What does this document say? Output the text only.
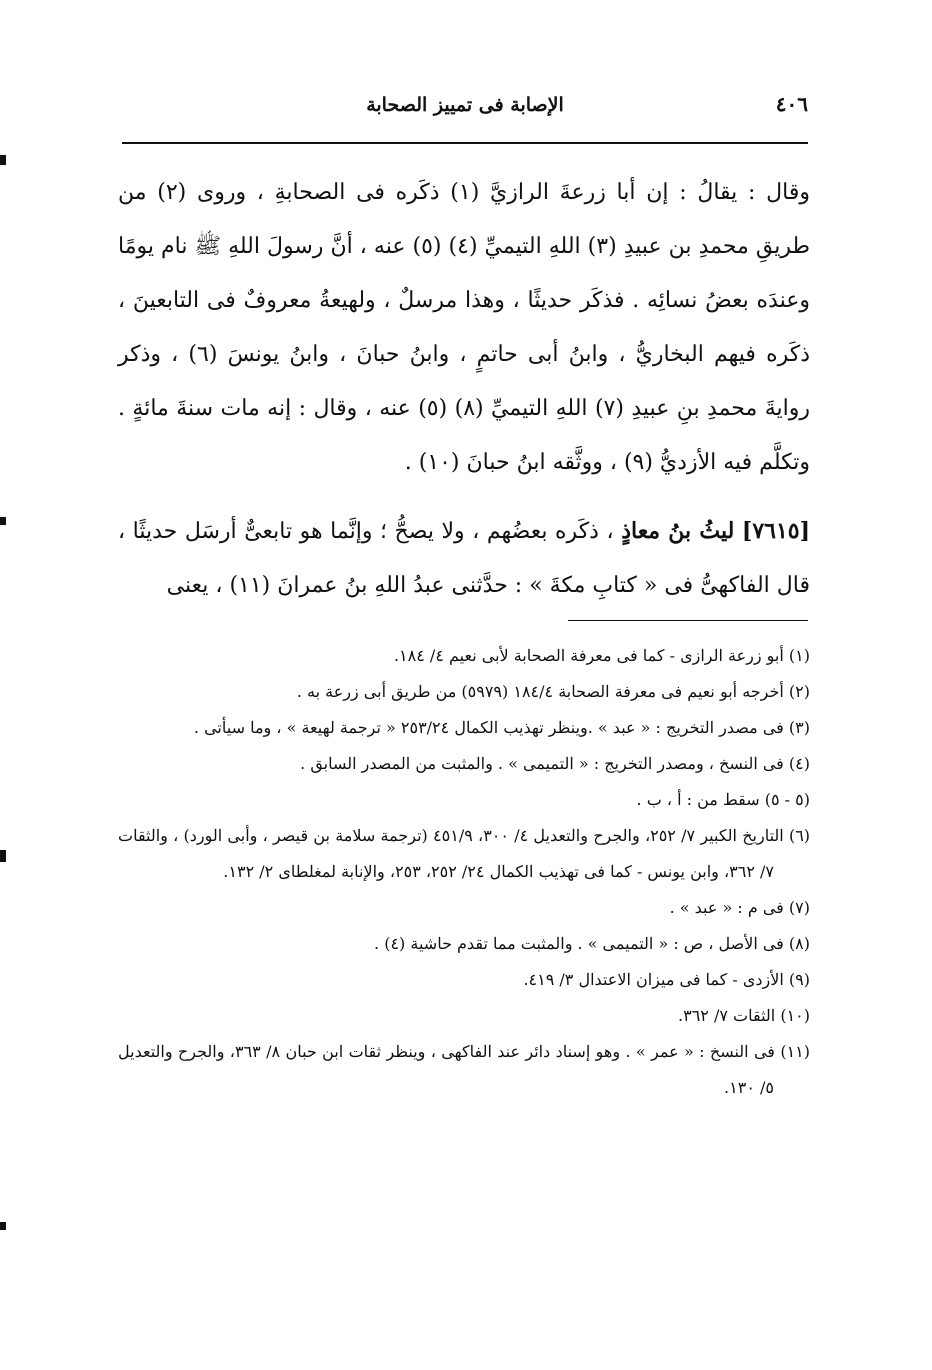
٤٠٦
الإصابة فى تمييز الصحابة

وقال : يقالُ : إن أبا زرعةَ الرازيَّ (١) ذكَره فى الصحابةِ ، وروى (٢) من طريقِ محمدِ بن عبيدِ (٣) اللهِ التيميِّ (٤) (٥) عنه ، أنَّ رسولَ اللهِ ﷺ نام يومًا وعندَه بعضُ نسائِه . فذكَر حديثًا ، وهذا مرسلٌ ، ولهيعةُ معروفٌ فى التابعينَ ، ذكَره فيهم البخاريُّ ، وابنُ أبى حاتمٍ ، وابنُ حبانَ ، وابنُ يونسَ (٦) ، وذكر روايةَ محمدِ بنِ عبيدِ (٧) اللهِ التيميِّ (٨) (٥) عنه ، وقال : إنه مات سنةَ مائةٍ . وتكلَّم فيه الأزديُّ (٩) ، ووثَّقه ابنُ حبانَ (١٠) .

[٧٦١٥] ليثُ بنُ معاذٍ ، ذكَره بعضُهم ، ولا يصحُّ ؛ وإنَّما هو تابعىٌّ أرسَل حديثًا ، قال الفاكهىُّ فى « كتابِ مكةَ » : حدَّثنى عبدُ اللهِ بنُ عمرانَ (١١) ، يعنى

(١) أبو زرعة الرازى - كما فى معرفة الصحابة لأبى نعيم ٤/ ١٨٤.

(٢) أخرجه أبو نعيم فى معرفة الصحابة ١٨٤/٤ (٥٩٧٩) من طريق أبى زرعة به .

(٣) فى مصدر التخريج : « عبد » .وينظر تهذيب الكمال ٢٥٣/٢٤ « ترجمة لهيعة » ، وما سيأتى .

(٤) فى النسخ ، ومصدر التخريج : « التميمى » . والمثبت من المصدر السابق .

(٥ - ٥) سقط من : أ ، ب .

(٦) التاريخ الكبير ٧/ ٢٥٢، والجرح والتعديل ٤/ ٣٠٠، ٤٥١/٩ (ترجمة سلامة بن قيصر ، وأبى الورد) ، والثقات ٧/ ٣٦٢، وابن يونس - كما فى تهذيب الكمال ٢٤/ ٢٥٢، ٢٥٣، والإنابة لمغلطاى ٢/ ١٣٢.

(٧) فى م : « عبد » .

(٨) فى الأصل ، ص : « التميمى » . والمثبت مما تقدم حاشية (٤) .

(٩) الأزدى - كما فى ميزان الاعتدال ٣/ ٤١٩.

(١٠) الثقات ٧/ ٣٦٢.

(١١) فى النسخ : « عمر » . وهو إسناد دائر عند الفاكهى ، وينظر ثقات ابن حبان ٨/ ٣٦٣، والجرح والتعديل ٥/ ١٣٠.
